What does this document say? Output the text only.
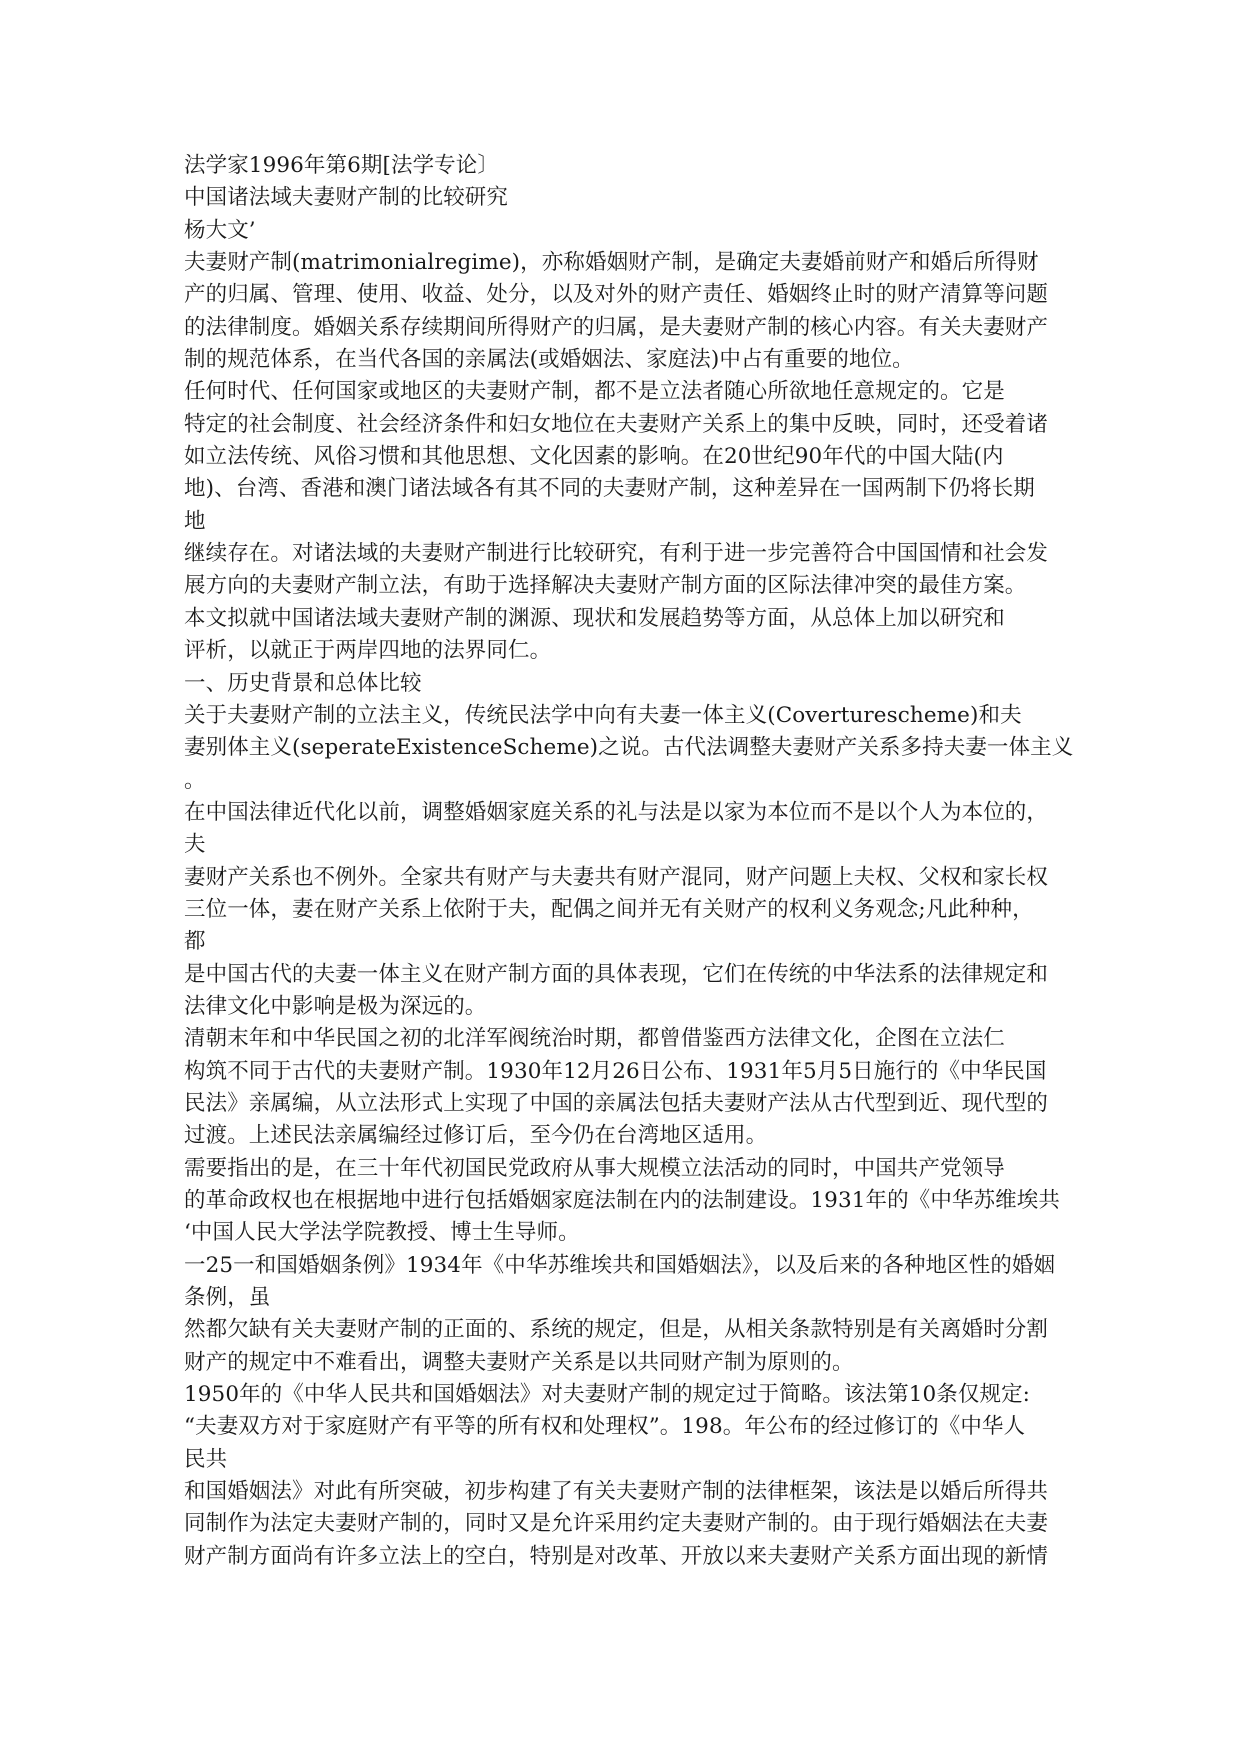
法学家1996年第6期[法学专论〕
中国诸法域夫妻财产制的比较研究
杨大文’
夫妻财产制(matrimonialregime)，亦称婚姻财产制，是确定夫妻婚前财产和婚后所得财
产的归属、管理、使用、收益、处分，以及对外的财产责任、婚姻终止时的财产清算等问题
的法律制度。婚姻关系存续期间所得财产的归属，是夫妻财产制的核心内容。有关夫妻财产
制的规范体系，在当代各国的亲属法(或婚姻法、家庭法)中占有重要的地位。
任何时代、任何国家或地区的夫妻财产制，都不是立法者随心所欲地任意规定的。它是
特定的社会制度、社会经济条件和妇女地位在夫妻财产关系上的集中反映，同时，还受着诸
如立法传统、风俗习惯和其他思想、文化因素的影响。在20世纪90年代的中国大陆(内
地)、台湾、香港和澳门诸法域各有其不同的夫妻财产制，这种差异在一国两制下仍将长期
地
继续存在。对诸法域的夫妻财产制进行比较研究，有利于进一步完善符合中国国情和社会发
展方向的夫妻财产制立法，有助于选择解决夫妻财产制方面的区际法律冲突的最佳方案。
本文拟就中国诸法域夫妻财产制的渊源、现状和发展趋势等方面，从总体上加以研究和
评析，以就正于两岸四地的法界同仁。
一、历史背景和总体比较
关于夫妻财产制的立法主义，传统民法学中向有夫妻一体主义(Coverturescheme)和夫
妻别体主义(seperateExistenceScheme)之说。古代法调整夫妻财产关系多持夫妻一体主义
。
在中国法律近代化以前，调整婚姻家庭关系的礼与法是以家为本位而不是以个人为本位的，
夫
妻财产关系也不例外。全家共有财产与夫妻共有财产混同，财产问题上夫权、父权和家长权
三位一体，妻在财产关系上依附于夫，配偶之间并无有关财产的权利义务观念;凡此种种，
都
是中国古代的夫妻一体主义在财产制方面的具体表现，它们在传统的中华法系的法律规定和
法律文化中影响是极为深远的。
清朝末年和中华民国之初的北洋军阀统治时期，都曾借鉴西方法律文化，企图在立法仁
构筑不同于古代的夫妻财产制。1930年12月26日公布、1931年5月5日施行的《中华民国
民法》亲属编，从立法形式上实现了中国的亲属法包括夫妻财产法从古代型到近、现代型的
过渡。上述民法亲属编经过修订后，至今仍在台湾地区适用。
需要指出的是，在三十年代初国民党政府从事大规模立法活动的同时，中国共产党领导
的革命政权也在根据地中进行包括婚姻家庭法制在内的法制建设。1931年的《中华苏维埃共
‘中国人民大学法学院教授、博士生导师。
一25一和国婚姻条例》1934年《中华苏维埃共和国婚姻法》，以及后来的各种地区性的婚姻
条例，虽
然都欠缺有关夫妻财产制的正面的、系统的规定，但是，从相关条款特别是有关离婚时分割
财产的规定中不难看出，调整夫妻财产关系是以共同财产制为原则的。
1950年的《中华人民共和国婚姻法》对夫妻财产制的规定过于简略。该法第10条仅规定:
“夫妻双方对于家庭财产有平等的所有权和处理权”。198。年公布的经过修订的《中华人
民共
和国婚姻法》对此有所突破，初步构建了有关夫妻财产制的法律框架，该法是以婚后所得共
同制作为法定夫妻财产制的，同时又是允许采用约定夫妻财产制的。由于现行婚姻法在夫妻
财产制方面尚有许多立法上的空白，特别是对改革、开放以来夫妻财产关系方面出现的新情
